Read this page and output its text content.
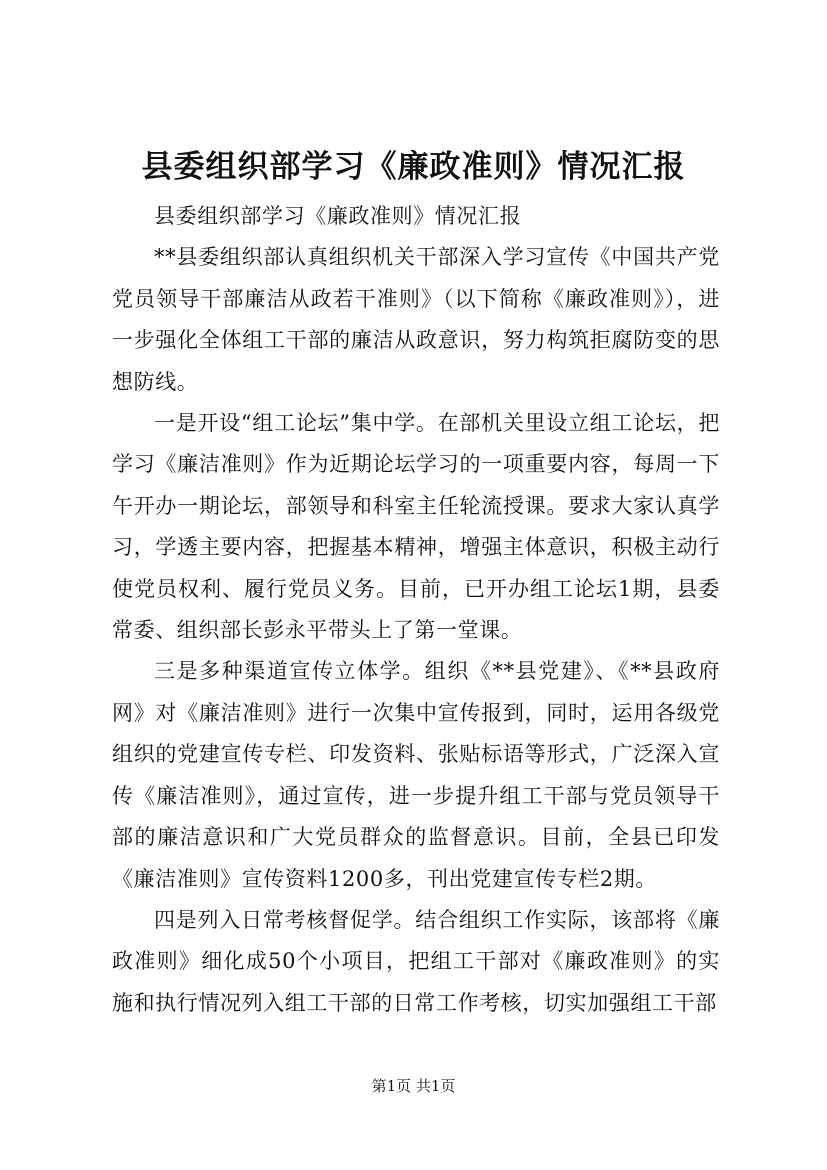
县委组织部学习《廉政准则》情况汇报

县委组织部学习《廉政准则》情况汇报

**县委组织部认真组织机关干部深入学习宣传《中国共产党党员领导干部廉洁从政若干准则》（以下简称《廉政准则》），进一步强化全体组工干部的廉洁从政意识，努力构筑拒腐防变的思想防线。

一是开设“组工论坛”集中学。在部机关里设立组工论坛，把学习《廉洁准则》作为近期论坛学习的一项重要内容，每周一下午开办一期论坛，部领导和科室主任轮流授课。要求大家认真学习，学透主要内容，把握基本精神，增强主体意识，积极主动行使党员权利、履行党员义务。目前，已开办组工论坛1期，县委常委、组织部长彭永平带头上了第一堂课。

三是多种渠道宣传立体学。组织《**县党建》、《**县政府网》对《廉洁准则》进行一次集中宣传报到，同时，运用各级党组织的党建宣传专栏、印发资料、张贴标语等形式，广泛深入宣传《廉洁准则》，通过宣传，进一步提升组工干部与党员领导干部的廉洁意识和广大党员群众的监督意识。目前，全县已印发《廉洁准则》宣传资料1200多，刊出党建宣传专栏2期。

四是列入日常考核督促学。结合组织工作实际，该部将《廉政准则》细化成50个小项目，把组工干部对《廉政准则》的实施和执行情况列入组工干部的日常工作考核，切实加强组工干部

第1页 共1页
